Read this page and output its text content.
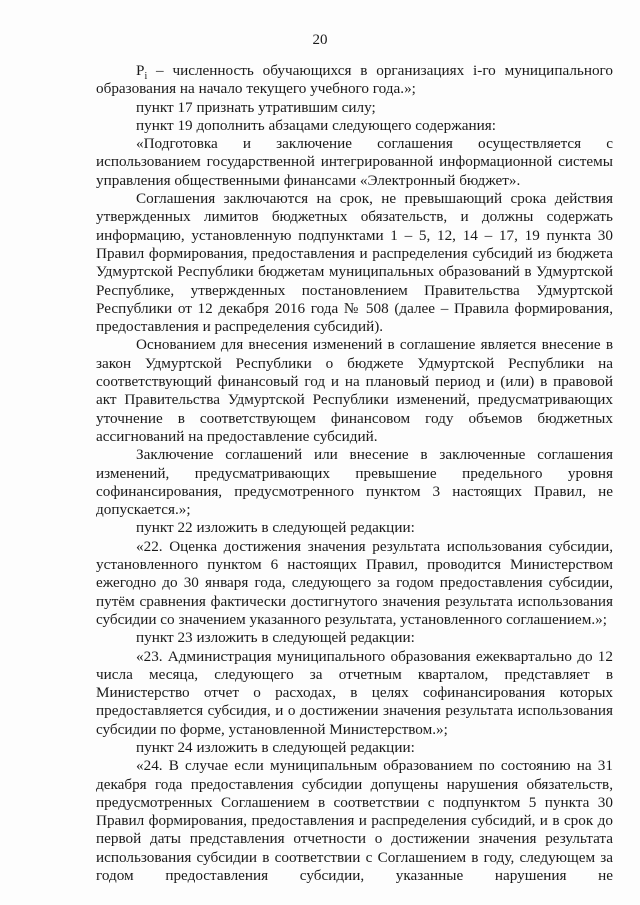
20

$P_i$ – численность обучающихся в организациях i-го муниципального образования на начало текущего учебного года.»;

пункт 17 признать утратившим силу;

пункт 19 дополнить абзацами следующего содержания:

«Подготовка и заключение соглашения осуществляется с использованием государственной интегрированной информационной системы управления общественными финансами «Электронный бюджет».

Соглашения заключаются на срок, не превышающий срока действия утвержденных лимитов бюджетных обязательств, и должны содержать информацию, установленную подпунктами 1 – 5, 12, 14 – 17, 19 пункта 30 Правил формирования, предоставления и распределения субсидий из бюджета Удмуртской Республики бюджетам муниципальных образований в Удмуртской Республике, утвержденных постановлением Правительства Удмуртской Республики от 12 декабря 2016 года № 508 (далее – Правила формирования, предоставления и распределения субсидий).

Основанием для внесения изменений в соглашение является внесение в закон Удмуртской Республики о бюджете Удмуртской Республики на соответствующий финансовый год и на плановый период и (или) в правовой акт Правительства Удмуртской Республики изменений, предусматривающих уточнение в соответствующем финансовом году объемов бюджетных ассигнований на предоставление субсидий.

Заключение соглашений или внесение в заключенные соглашения изменений, предусматривающих превышение предельного уровня софинансирования, предусмотренного пунктом 3 настоящих Правил, не допускается.»;

пункт 22 изложить в следующей редакции:

«22. Оценка достижения значения результата использования субсидии, установленного пунктом 6 настоящих Правил, проводится Министерством ежегодно до 30 января года, следующего за годом предоставления субсидии, путём сравнения фактически достигнутого значения результата использования субсидии со значением указанного результата, установленного соглашением.»;

пункт 23 изложить в следующей редакции:

«23. Администрация муниципального образования ежеквартально до 12 числа месяца, следующего за отчетным кварталом, представляет в Министерство отчет о расходах, в целях софинансирования которых предоставляется субсидия, и о достижении значения результата использования субсидии по форме, установленной Министерством.»;

пункт 24 изложить в следующей редакции:

«24. В случае если муниципальным образованием по состоянию на 31 декабря года предоставления субсидии допущены нарушения обязательств, предусмотренных Соглашением в соответствии с подпунктом 5 пункта 30 Правил формирования, предоставления и распределения субсидий, и в срок до первой даты представления отчетности о достижении значения результата использования субсидии в соответствии с Соглашением в году, следующем за годом предоставления субсидии, указанные нарушения не
